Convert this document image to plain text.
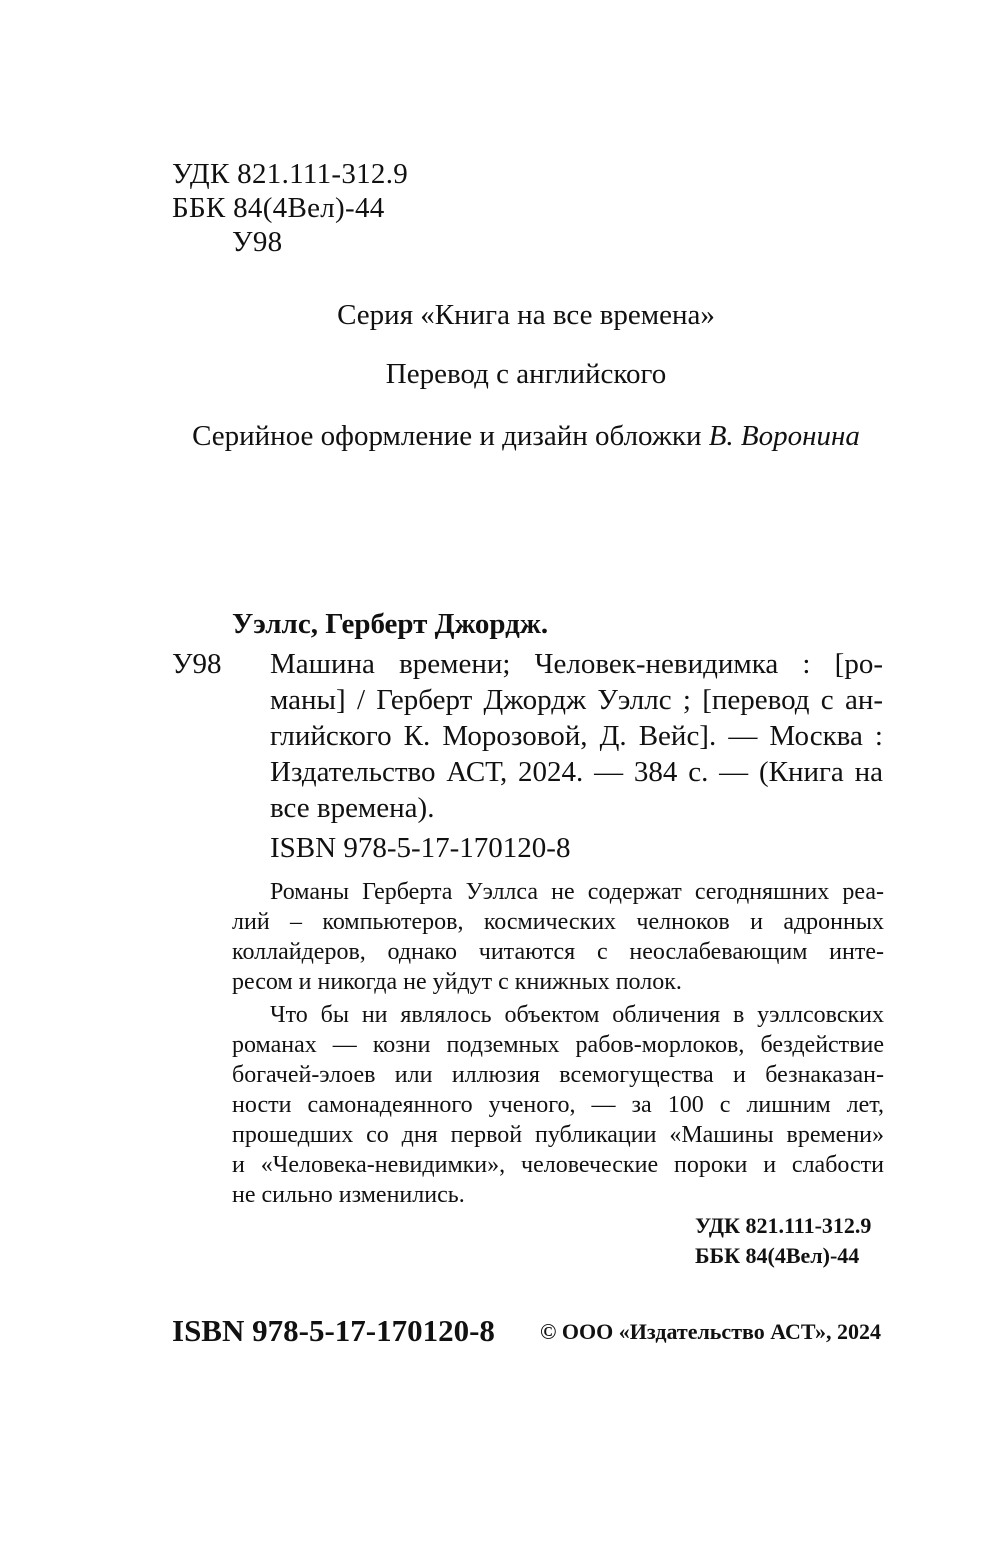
УДК 821.111-312.9
ББК 84(4Вел)-44
У98
Серия «Книга на все времена»
Перевод с английского
Серийное оформление и дизайн обложки В. Воронина
Уэллс, Герберт Джордж.
У98 Машина времени; Человек-невидимка : [ро-
маны] / Герберт Джордж Уэллс ; [перевод с ан-
глийского К. Морозовой, Д. Вейс]. — Москва :
Издательство АСТ, 2024. — 384 с. — (Книга на
все времена).
ISBN 978-5-17-170120-8
Романы Герберта Уэллса не содержат сегодняшних реа-
лий – компьютеров, космических челноков и адронных
коллайдеров, однако читаются с неослабевающим инте-
ресом и никогда не уйдут с книжных полок.
Что бы ни являлось объектом обличения в уэллсовских
романах — козни подземных рабов-морлоков, бездействие
богачей-элоев или иллюзия всемогущества и безнаказан-
ности самонадеянного ученого, — за 100 с лишним лет,
прошедших со дня первой публикации «Машины времени»
и «Человека-невидимки», человеческие пороки и слабости
не сильно изменились.
УДК 821.111-312.9
ББК 84(4Вел)-44
ISBN 978-5-17-170120-8 © ООО «Издательство АСТ», 2024
